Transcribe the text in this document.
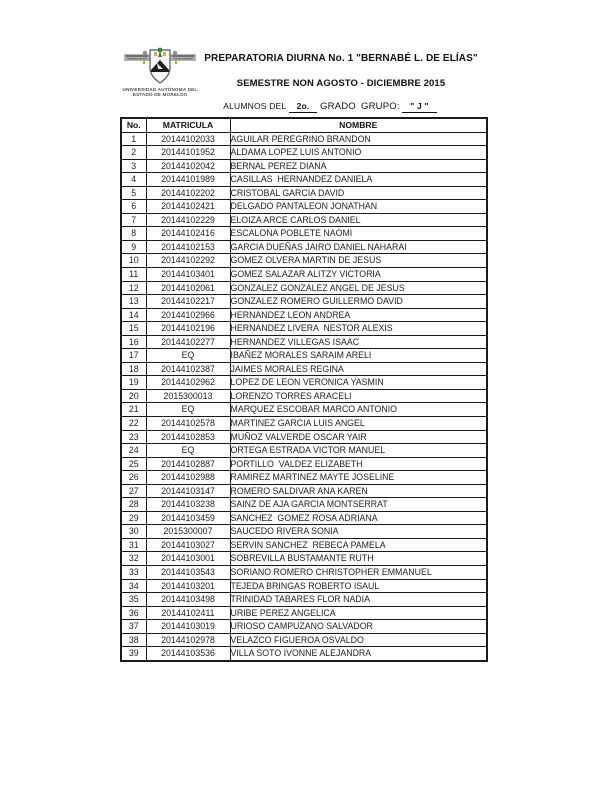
UNIVERSIDAD AUTÓNOMA DEL
ESTADO DE MORELOS
PREPARATORIA DIURNA No. 1 "BERNABÉ L. DE ELÍAS"
SEMESTRE NON AGOSTO - DICIEMBRE 2015
ALUMNOS DEL 2o. GRADO GRUPO: " J "
No.	MATRICULA	NOMBRE
1	20144102033	AGUILAR PEREGRINO BRANDON
2	20144101952	ALDAMA LOPEZ LUIS ANTONIO
3	20144102042	BERNAL PEREZ DIANA
4	20144101989	CASILLAS  HERNANDEZ DANIELA
5	20144102202	CRISTOBAL GARCIA DAVID
6	20144102421	DELGADO PANTALEON JONATHAN
7	20144102229	ELOIZA ARCE CARLOS DANIEL
8	20144102416	ESCALONA POBLETE NAOMI
9	20144102153	GARCIA DUEÑAS JAIRO DANIEL NAHARAI
10	20144102292	GOMEZ OLVERA MARTIN DE JESUS
11	20144103401	GOMEZ SALAZAR ALITZY VICTORIA
12	20144102061	GONZALEZ GONZALEZ ANGEL DE JESUS
13	20144102217	GONZALEZ ROMERO GUILLERMO DAVID
14	20144102966	HERNANDEZ LEON ANDREA
15	20144102196	HERNANDEZ LIVERA  NESTOR ALEXIS
16	20144102277	HERNANDEZ VILLEGAS ISAAC
17	EQ	IBAÑEZ MORALES SARAIM ARELI
18	20144102387	JAIMES MORALES REGINA
19	20144102962	LOPEZ DE LEON VERONICA YASMIN
20	2015300013	LORENZO TORRES ARACELI
21	EQ	MARQUEZ ESCOBAR MARCO ANTONIO
22	20144102578	MARTINEZ GARCIA LUIS ANGEL
23	20144102853	MUÑOZ VALVERDE OSCAR YAIR
24	EQ	ORTEGA ESTRADA VICTOR MANUEL
25	20144102887	PORTILLO  VALDEZ ELIZABETH
26	20144102988	RAMIREZ MARTINEZ MAYTE JOSELINE
27	20144103147	ROMERO SALDIVAR ANA KAREN
28	20144103238	SAINZ DE AJA GARCIA MONTSERRAT
29	20144103459	SANCHEZ  GOMEZ ROSA ADRIANA
30	2015300007	SAUCEDO RIVERA SONIA
31	20144103027	SERVIN SANCHEZ  REBECA PAMELA
32	20144103001	SOBREVILLA BUSTAMANTE RUTH
33	20144103543	SORIANO ROMERO CHRISTOPHER EMMANUEL
34	20144103201	TEJEDA BRINGAS ROBERTO ISAUL
35	20144103498	TRINIDAD TABARES FLOR NADIA
36	20144102411	URIBE PEREZ ANGELICA
37	20144103019	URIOSO CAMPUZANO SALVADOR
38	20144102978	VELAZCO FIGUEROA OSVALDO
39	20144103536	VILLA SOTO IVONNE ALEJANDRA
